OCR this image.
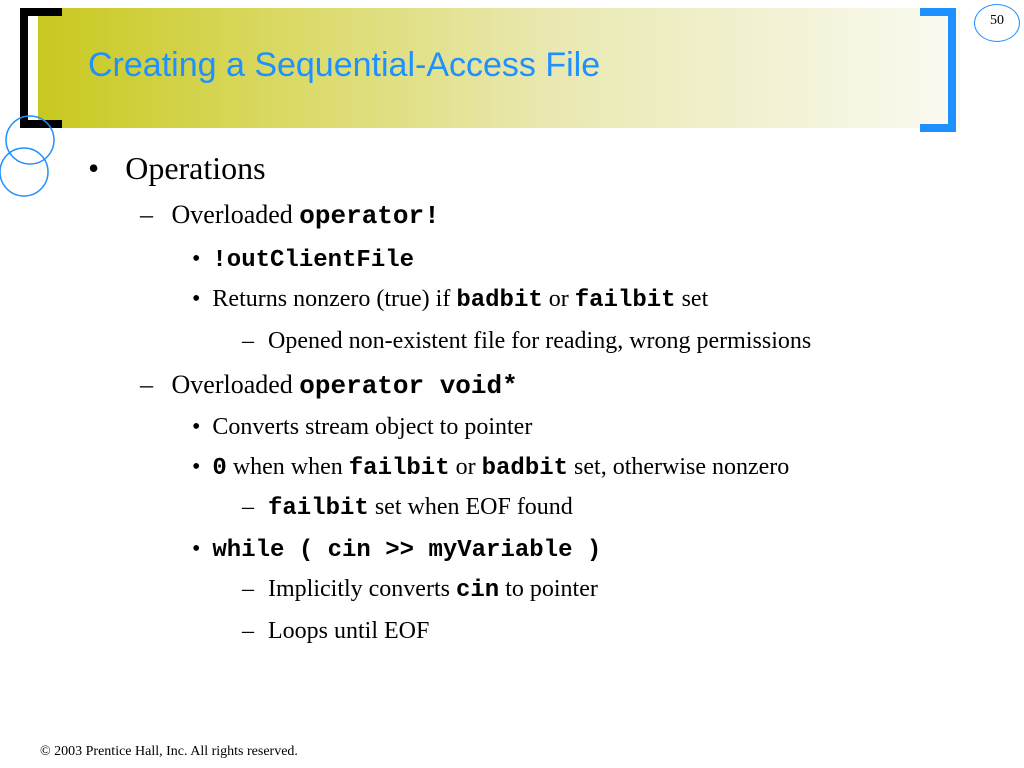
Creating a Sequential-Access File
50
• Operations
– Overloaded operator!
• !outClientFile
• Returns nonzero (true) if badbit or failbit set
– Opened non-existent file for reading, wrong permissions
– Overloaded operator void*
• Converts stream object to pointer
• 0 when when failbit or badbit set, otherwise nonzero
– failbit set when EOF found
• while ( cin >> myVariable )
– Implicitly converts cin to pointer
– Loops until EOF
© 2003 Prentice Hall, Inc. All rights reserved.
